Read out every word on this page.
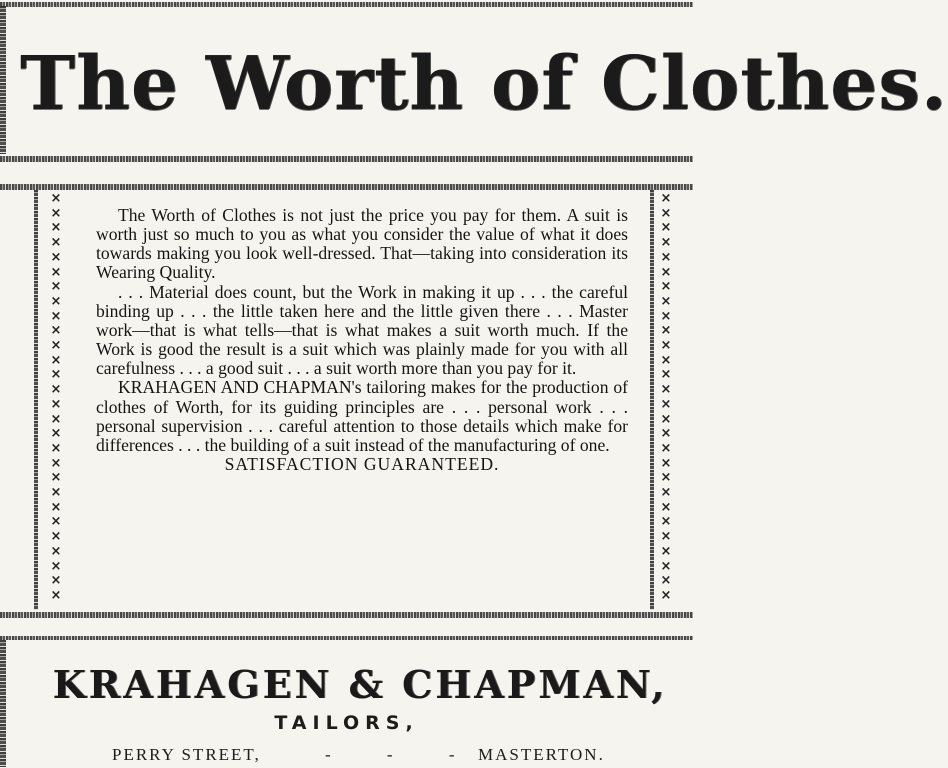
The Worth of Clothes.
×
×
×
×
×
×
×
×
×
×
×
×
×
×
×
×
×
×
×
×
×
×
×
×
×
×
×
×
×
×
×
×
×
×
×
×
×
×
×
×
×
×
×
×
×
×
×
×
×
×
×
×
×
×
×
×

The Worth of Clothes is not just the price you pay for them. A suit is worth just so much to you as what you consider the value of what it does towards making you look well-dressed. That—taking into consideration its Wearing Quality.

. . . Material does count, but the Work in making it up . . . the careful binding up . . . the little taken here and the little given there . . . Master work—that is what tells—that is what makes a suit worth much. If the Work is good the result is a suit which was plainly made for you with all carefulness . . . a good suit . . . a suit worth more than you pay for it.

KRAHAGEN AND CHAPMAN's tailoring makes for the production of clothes of Worth, for its guiding principles are . . . personal work . . . personal supervision . . . careful attention to those details which make for differences . . . the building of a suit instead of the manufacturing of one.

SATISFACTION GUARANTEED.

KRAHAGEN & CHAPMAN,
TAILORS,
PERRY STREET,	- - -
MASTERTON.
